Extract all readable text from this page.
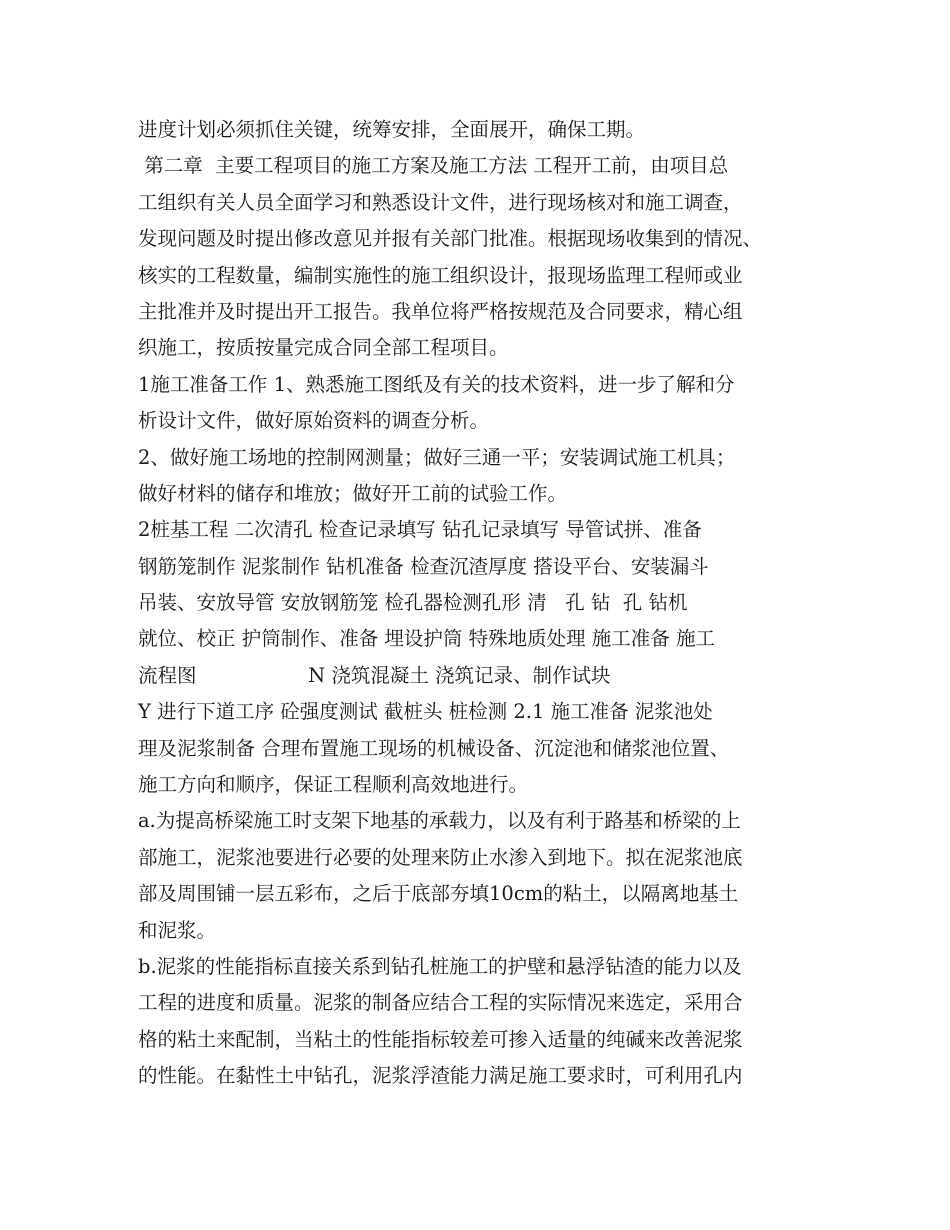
进度计划必须抓住关键，统筹安排，全面展开，确保工期。
第二章  主要工程项目的施工方案及施工方法 工程开工前，由项目总
工组织有关人员全面学习和熟悉设计文件，进行现场核对和施工调查，
发现问题及时提出修改意见并报有关部门批准。根据现场收集到的情况、
核实的工程数量，编制实施性的施工组织设计，报现场监理工程师或业
主批准并及时提出开工报告。我单位将严格按规范及合同要求，精心组
织施工，按质按量完成合同全部工程项目。
1施工准备工作 1、熟悉施工图纸及有关的技术资料，进一步了解和分
析设计文件，做好原始资料的调查分析。
2、做好施工场地的控制网测量；做好三通一平；安装调试施工机具；
做好材料的储存和堆放；做好开工前的试验工作。
2桩基工程 二次清孔 检查记录填写 钻孔记录填写 导管试拼、准备
钢筋笼制作 泥浆制作 钻机准备 检查沉渣厚度 搭设平台、安装漏斗
吊装、安放导管 安放钢筋笼 检孔器检测孔形 清   孔 钻  孔 钻机
就位、校正 护筒制作、准备 埋设护筒 特殊地质处理 施工准备 施工
流程图                  N 浇筑混凝土 浇筑记录、制作试块
Y 进行下道工序 砼强度测试 截桩头 桩检测 2.1 施工准备 泥浆池处
理及泥浆制备 合理布置施工现场的机械设备、沉淀池和储浆池位置、
施工方向和顺序，保证工程顺利高效地进行。
a.为提高桥梁施工时支架下地基的承载力，以及有利于路基和桥梁的上
部施工，泥浆池要进行必要的处理来防止水渗入到地下。拟在泥浆池底
部及周围铺一层五彩布，之后于底部夯填10cm的粘土，以隔离地基土
和泥浆。
b.泥浆的性能指标直接关系到钻孔桩施工的护壁和悬浮钻渣的能力以及
工程的进度和质量。泥浆的制备应结合工程的实际情况来选定，采用合
格的粘土来配制，当粘土的性能指标较差可掺入适量的纯碱来改善泥浆
的性能。在黏性土中钻孔，泥浆浮渣能力满足施工要求时，可利用孔内
